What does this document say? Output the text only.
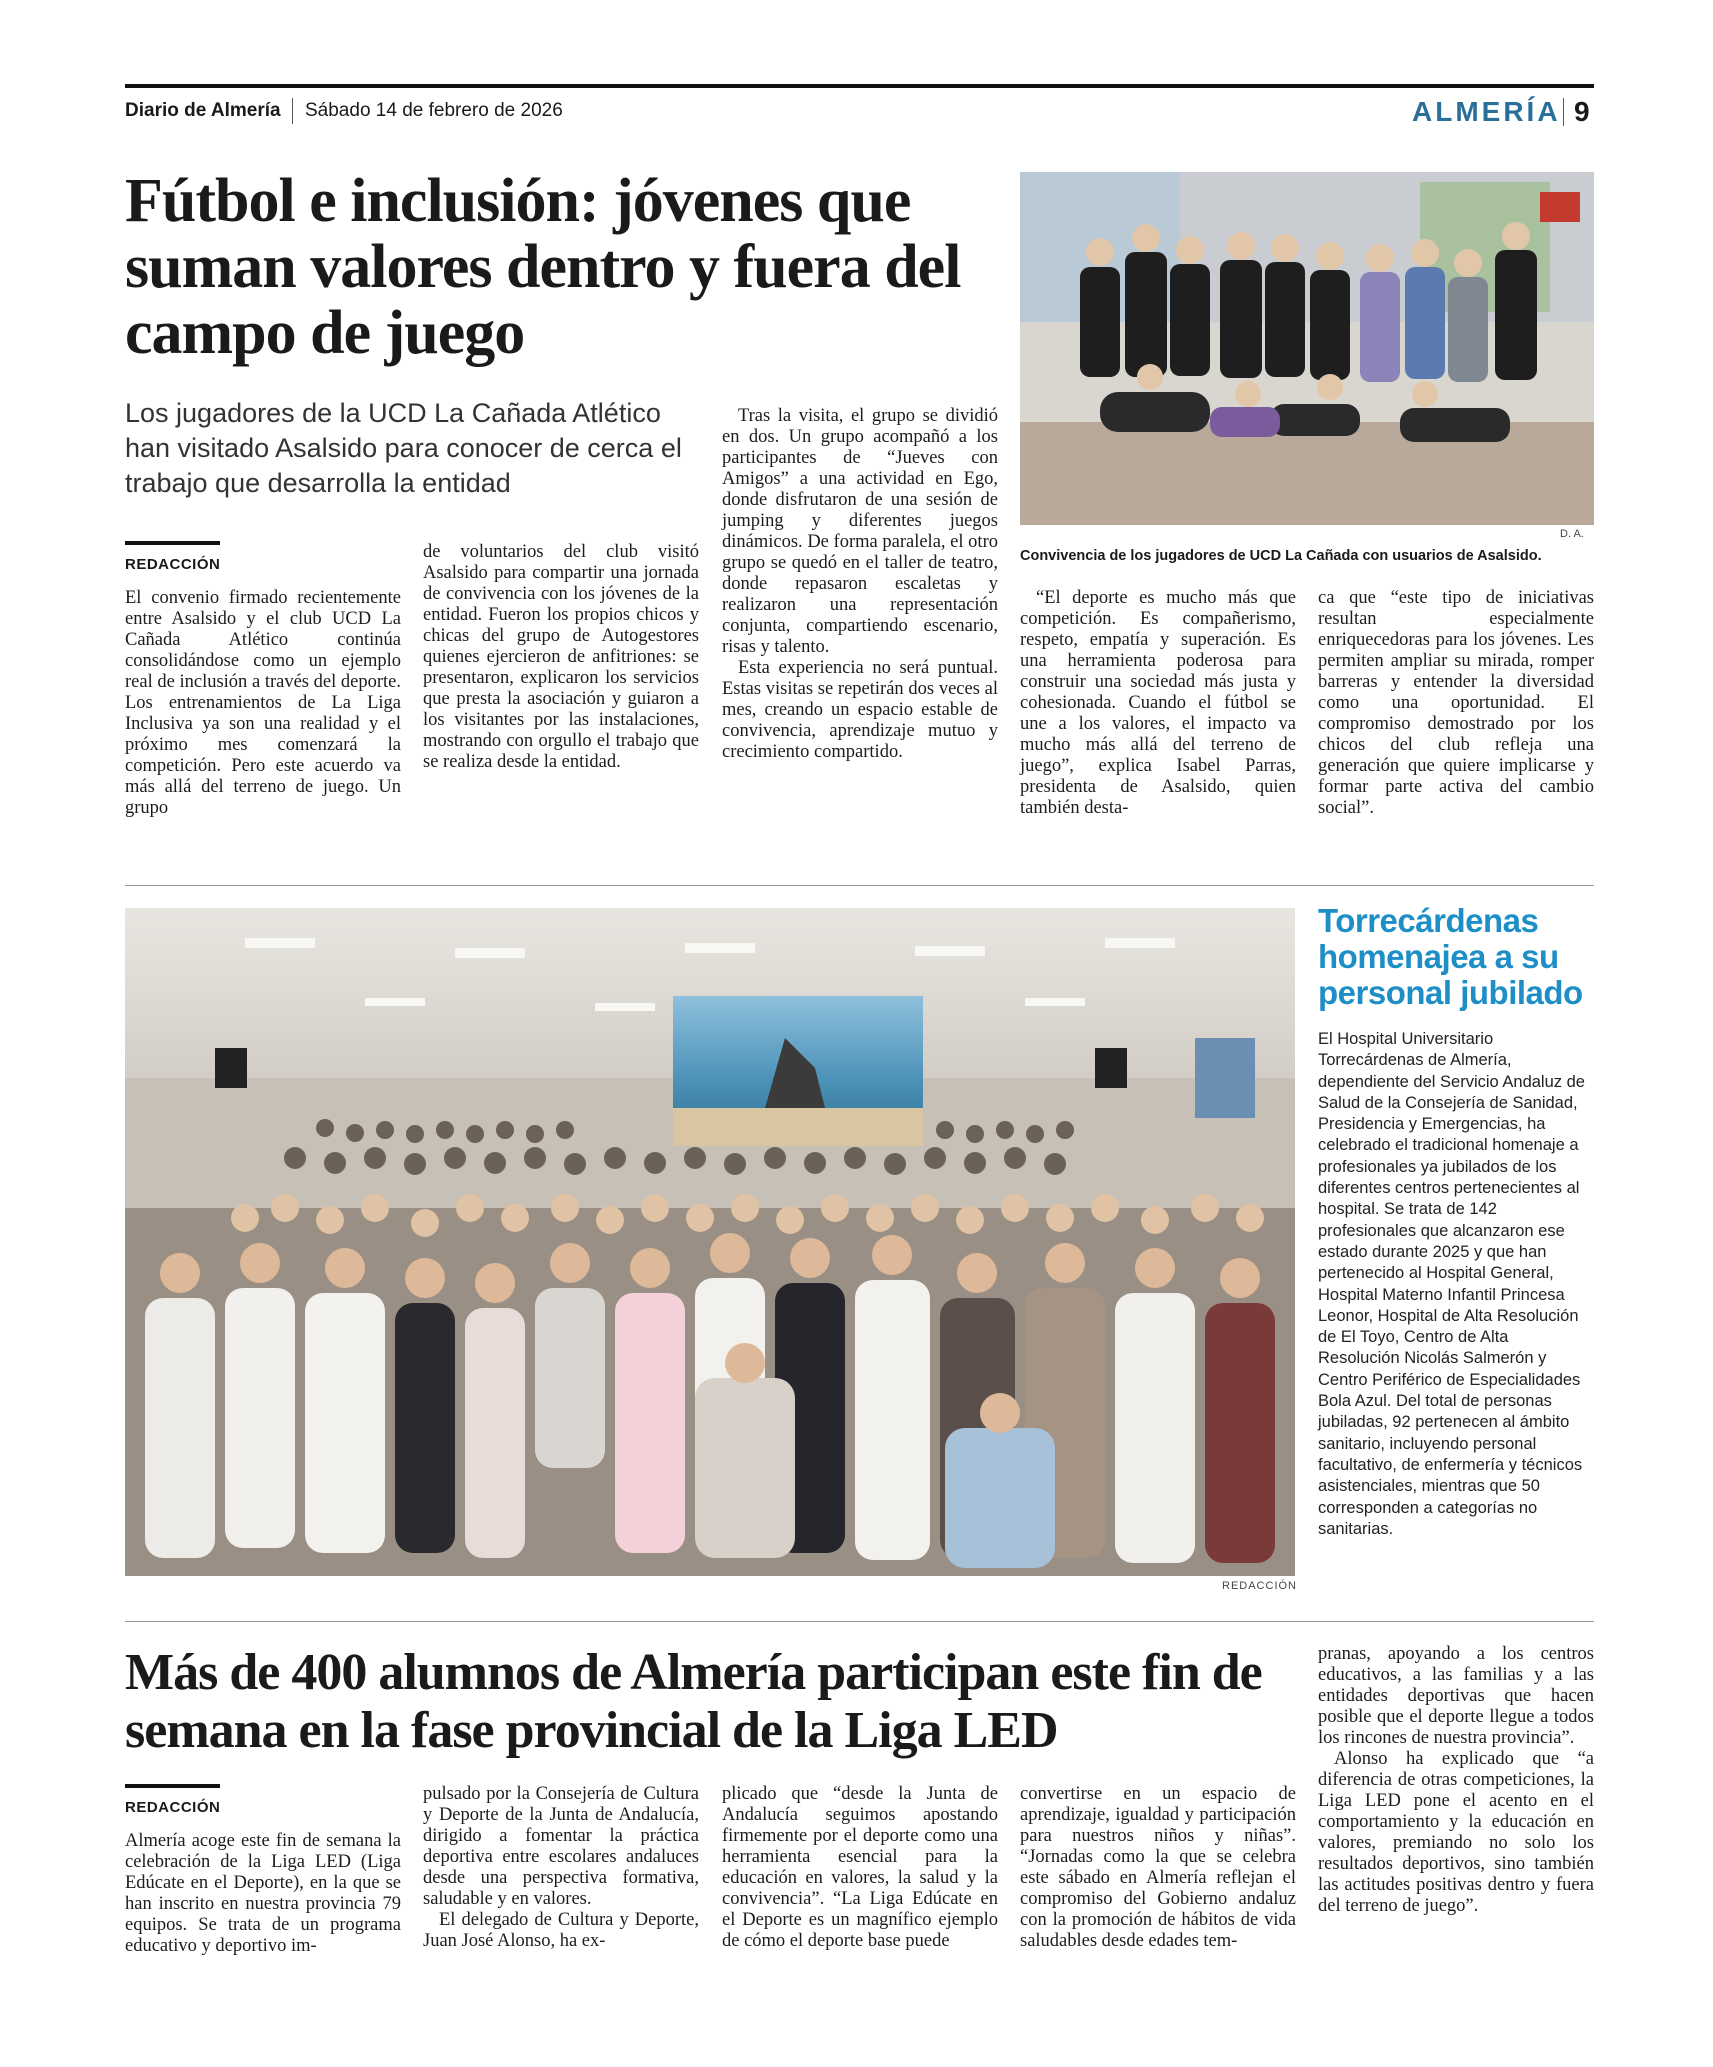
Diario de Almería Sábado 14 de febrero de 2026	ALMERÍA 9
Fútbol e inclusión: jóvenes que suman valores dentro y fuera del campo de juego
Los jugadores de la UCD La Cañada Atlético han visitado Asalsido para conocer de cerca el trabajo que desarrolla la entidad
REDACCIÓN

El convenio firmado recientemente entre Asalsido y el club UCD La Cañada Atlético continúa consolidándose como un ejemplo real de inclusión a través del deporte. Los entrenamientos de La Liga Inclusiva ya son una realidad y el próximo mes comenzará la competición. Pero este acuerdo va más allá del terreno de juego. Un grupo

de voluntarios del club visitó Asalsido para compartir una jornada de convivencia con los jóvenes de la entidad. Fueron los propios chicos y chicas del grupo de Autogestores quienes ejercieron de anfitriones: se presentaron, explicaron los servicios que presta la asociación y guiaron a los visitantes por las instalaciones, mostrando con orgullo el trabajo que se realiza desde la entidad.

Tras la visita, el grupo se dividió en dos. Un grupo acompañó a los participantes de “Jueves con Amigos” a una actividad en Ego, donde disfrutaron de una sesión de jumping y diferentes juegos dinámicos. De forma paralela, el otro grupo se quedó en el taller de teatro, donde repasaron escaletas y realizaron una representación conjunta, compartiendo escenario, risas y talento.

Esta experiencia no será puntual. Estas visitas se repetirán dos veces al mes, creando un espacio estable de convivencia, aprendizaje mutuo y crecimiento compartido.

“El deporte es mucho más que competición. Es compañerismo, respeto, empatía y superación. Es una herramienta poderosa para construir una sociedad más justa y cohesionada. Cuando el fútbol se une a los valores, el impacto va mucho más allá del terreno de juego”, explica Isabel Parras, presidenta de Asalsido, quien también desta-

ca que “este tipo de iniciativas resultan especialmente enriquecedoras para los jóvenes. Les permiten ampliar su mirada, romper barreras y entender la diversidad como una oportunidad. El compromiso demostrado por los chicos del club refleja una generación que quiere implicarse y formar parte activa del cambio social”.

D. A.
Convivencia de los jugadores de UCD La Cañada con usuarios de Asalsido.
REDACCIÓN
Torrecárdenas homenajea a su personal jubilado
El Hospital Universitario Torrecárdenas de Almería, dependiente del Servicio Andaluz de Salud de la Consejería de Sanidad, Presidencia y Emergencias, ha celebrado el tradicional homenaje a profesionales ya jubilados de los diferentes centros pertenecientes al hospital. Se trata de 142 profesionales que alcanzaron ese estado durante 2025 y que han pertenecido al Hospital General, Hospital Materno Infantil Princesa Leonor, Hospital de Alta Resolución de El Toyo, Centro de Alta Resolución Nicolás Salmerón y Centro Periférico de Especialidades Bola Azul. Del total de personas jubiladas, 92 pertenecen al ámbito sanitario, incluyendo personal facultativo, de enfermería y técnicos asistenciales, mientras que 50 corresponden a categorías no sanitarias.
Más de 400 alumnos de Almería participan este fin de semana en la fase provincial de la Liga LED
REDACCIÓN

Almería acoge este fin de semana la celebración de la Liga LED (Liga Edúcate en el Deporte), en la que se han inscrito en nuestra provincia 79 equipos. Se trata de un programa educativo y deportivo im-

pulsado por la Consejería de Cultura y Deporte de la Junta de Andalucía, dirigido a fomentar la práctica deportiva entre escolares andaluces desde una perspectiva formativa, saludable y en valores.

El delegado de Cultura y Deporte, Juan José Alonso, ha ex-

plicado que “desde la Junta de Andalucía seguimos apostando firmemente por el deporte como una herramienta esencial para la educación en valores, la salud y la convivencia”. “La Liga Edúcate en el Deporte es un magnífico ejemplo de cómo el deporte base puede

convertirse en un espacio de aprendizaje, igualdad y participación para nuestros niños y niñas”. “Jornadas como la que se celebra este sábado en Almería reflejan el compromiso del Gobierno andaluz con la promoción de hábitos de vida saludables desde edades tem-

pranas, apoyando a los centros educativos, a las familias y a las entidades deportivas que hacen posible que el deporte llegue a todos los rincones de nuestra provincia”.

Alonso ha explicado que “a diferencia de otras competiciones, la Liga LED pone el acento en el comportamiento y la educación en valores, premiando no solo los resultados deportivos, sino también las actitudes positivas dentro y fuera del terreno de juego”.
